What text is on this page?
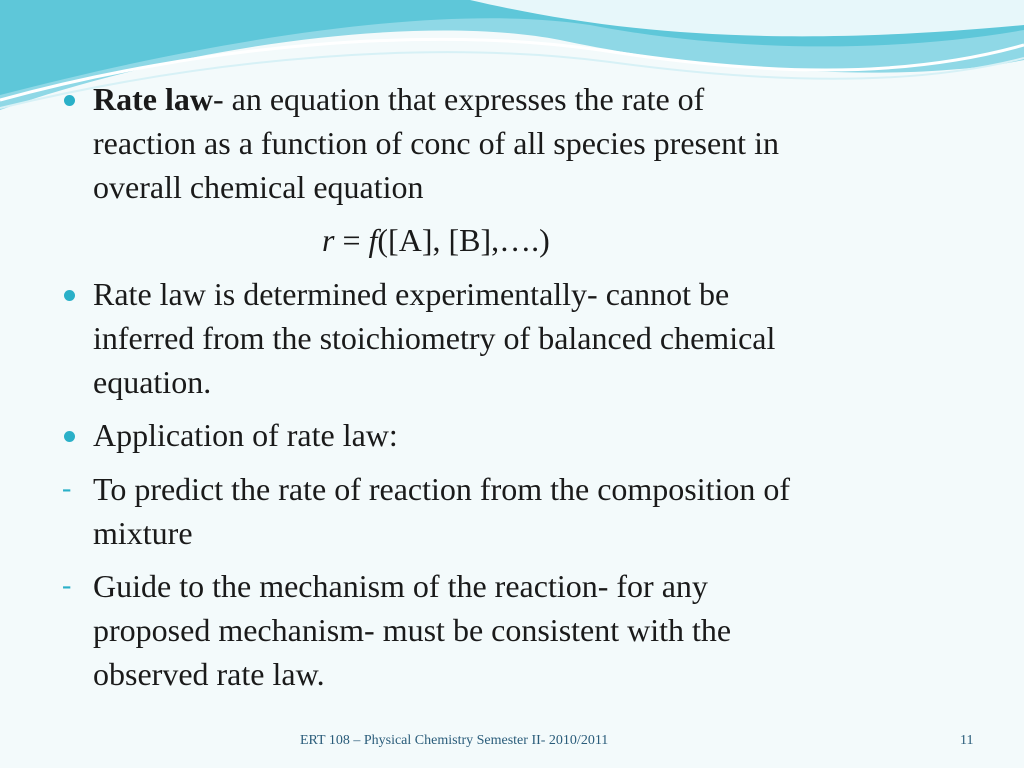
Rate law- an equation that expresses the rate of
reaction as a function of conc of all species present in
overall chemical equation
r = f([A], [B],….)
Rate law is determined experimentally- cannot be
inferred from the stoichiometry of balanced chemical
equation.
Application of rate law:
- To predict the rate of reaction from the composition of
mixture
- Guide to the mechanism of the reaction- for any
proposed mechanism- must be consistent with the
observed rate law.
ERT 108 – Physical Chemistry Semester II- 2010/2011	11
